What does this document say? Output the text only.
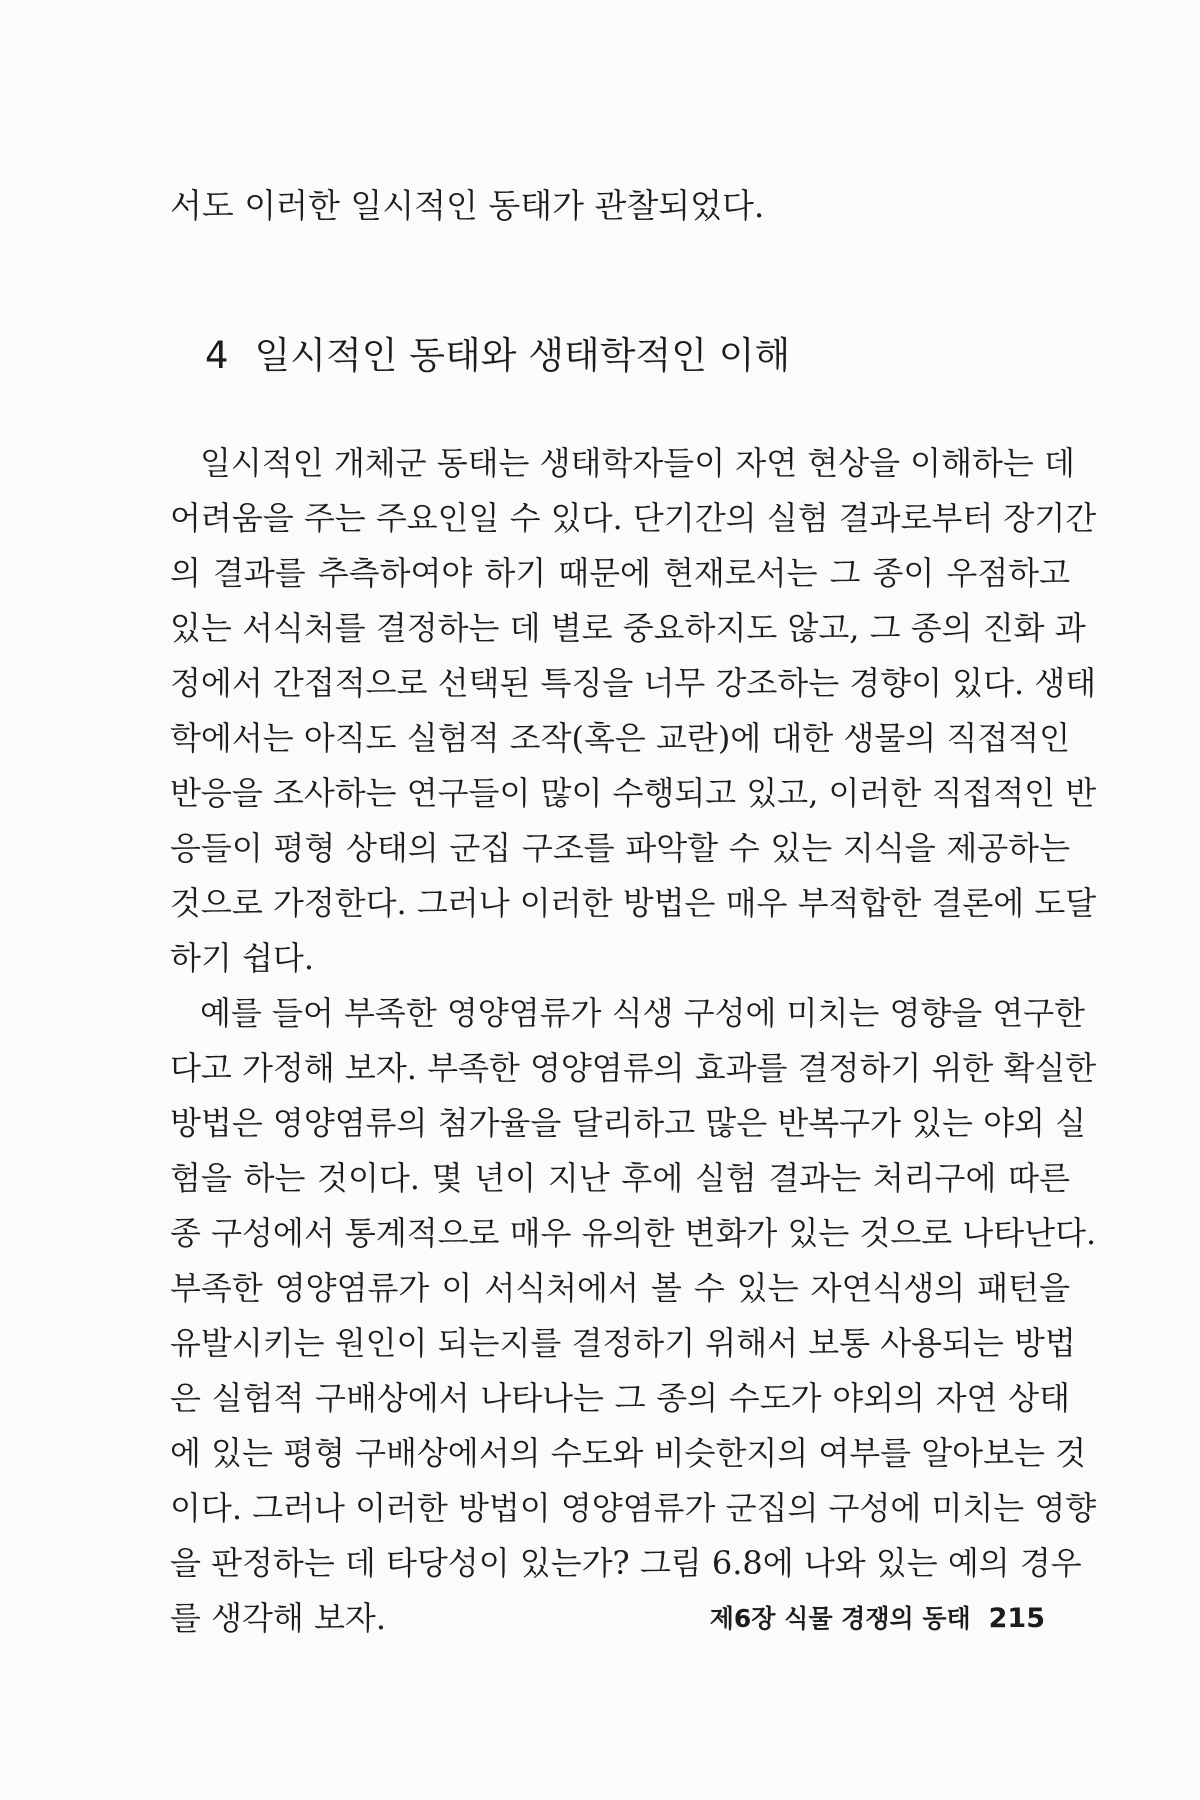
서도 이러한 일시적인 동태가 관찰되었다.
4 일시적인 동태와 생태학적인 이해
일시적인 개체군 동태는 생태학자들이 자연 현상을 이해하는 데
어려움을 주는 주요인일 수 있다. 단기간의 실험 결과로부터 장기간
의 결과를 추측하여야 하기 때문에 현재로서는 그 종이 우점하고
있는 서식처를 결정하는 데 별로 중요하지도 않고, 그 종의 진화 과
정에서 간접적으로 선택된 특징을 너무 강조하는 경향이 있다. 생태
학에서는 아직도 실험적 조작(혹은 교란)에 대한 생물의 직접적인
반응을 조사하는 연구들이 많이 수행되고 있고, 이러한 직접적인 반
응들이 평형 상태의 군집 구조를 파악할 수 있는 지식을 제공하는
것으로 가정한다. 그러나 이러한 방법은 매우 부적합한 결론에 도달
하기 쉽다.
예를 들어 부족한 영양염류가 식생 구성에 미치는 영향을 연구한
다고 가정해 보자. 부족한 영양염류의 효과를 결정하기 위한 확실한
방법은 영양염류의 첨가율을 달리하고 많은 반복구가 있는 야외 실
험을 하는 것이다. 몇 년이 지난 후에 실험 결과는 처리구에 따른
종 구성에서 통계적으로 매우 유의한 변화가 있는 것으로 나타난다.
부족한 영양염류가 이 서식처에서 볼 수 있는 자연식생의 패턴을
유발시키는 원인이 되는지를 결정하기 위해서 보통 사용되는 방법
은 실험적 구배상에서 나타나는 그 종의 수도가 야외의 자연 상태
에 있는 평형 구배상에서의 수도와 비슷한지의 여부를 알아보는 것
이다. 그러나 이러한 방법이 영양염류가 군집의 구성에 미치는 영향
을 판정하는 데 타당성이 있는가? 그림 6.8에 나와 있는 예의 경우
를 생각해 보자.	제6장 식물 경쟁의 동태 215
